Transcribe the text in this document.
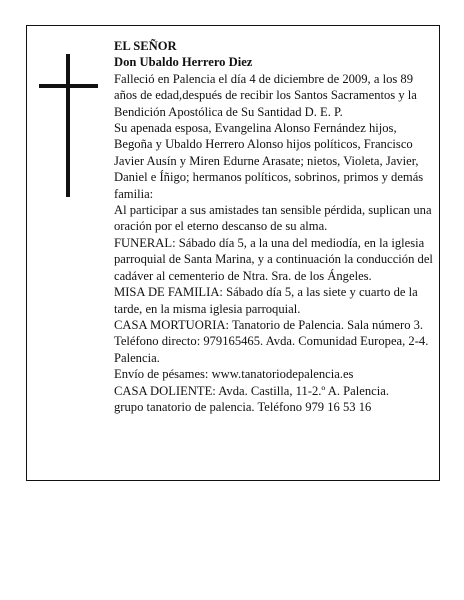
EL SEÑOR

Don Ubaldo Herrero Diez

Falleció en Palencia el día 4 de diciembre de 2009, a los 89 años de edad,después de recibir los Santos Sacramentos y la Bendición Apostólica de Su Santidad D. E. P.

Su apenada esposa, Evangelina Alonso Fernández hijos, Begoña y Ubaldo Herrero Alonso hijos políticos, Francisco Javier Ausín y Miren Edurne Arasate; nietos, Violeta, Javier, Daniel e Íñigo; hermanos políticos, sobrinos, primos y demás familia:

Al participar a sus amistades tan sensible pérdida, suplican una oración por el eterno descanso de su alma.

FUNERAL: Sábado día 5, a la una del mediodía, en la iglesia parroquial de Santa Marina, y a continuación la conducción del cadáver al cementerio de Ntra. Sra. de los Ángeles.

MISA DE FAMILIA: Sábado día 5, a las siete y cuarto de la tarde, en la misma iglesia parroquial.

CASA MORTUORIA: Tanatorio de Palencia. Sala número 3. Teléfono directo: 979165465. Avda. Comunidad Europea, 2-4. Palencia.

Envío de pésames: www.tanatoriodepalencia.es

CASA DOLIENTE: Avda. Castilla, 11-2.º A. Palencia.

grupo tanatorio de palencia. Teléfono 979 16 53 16
